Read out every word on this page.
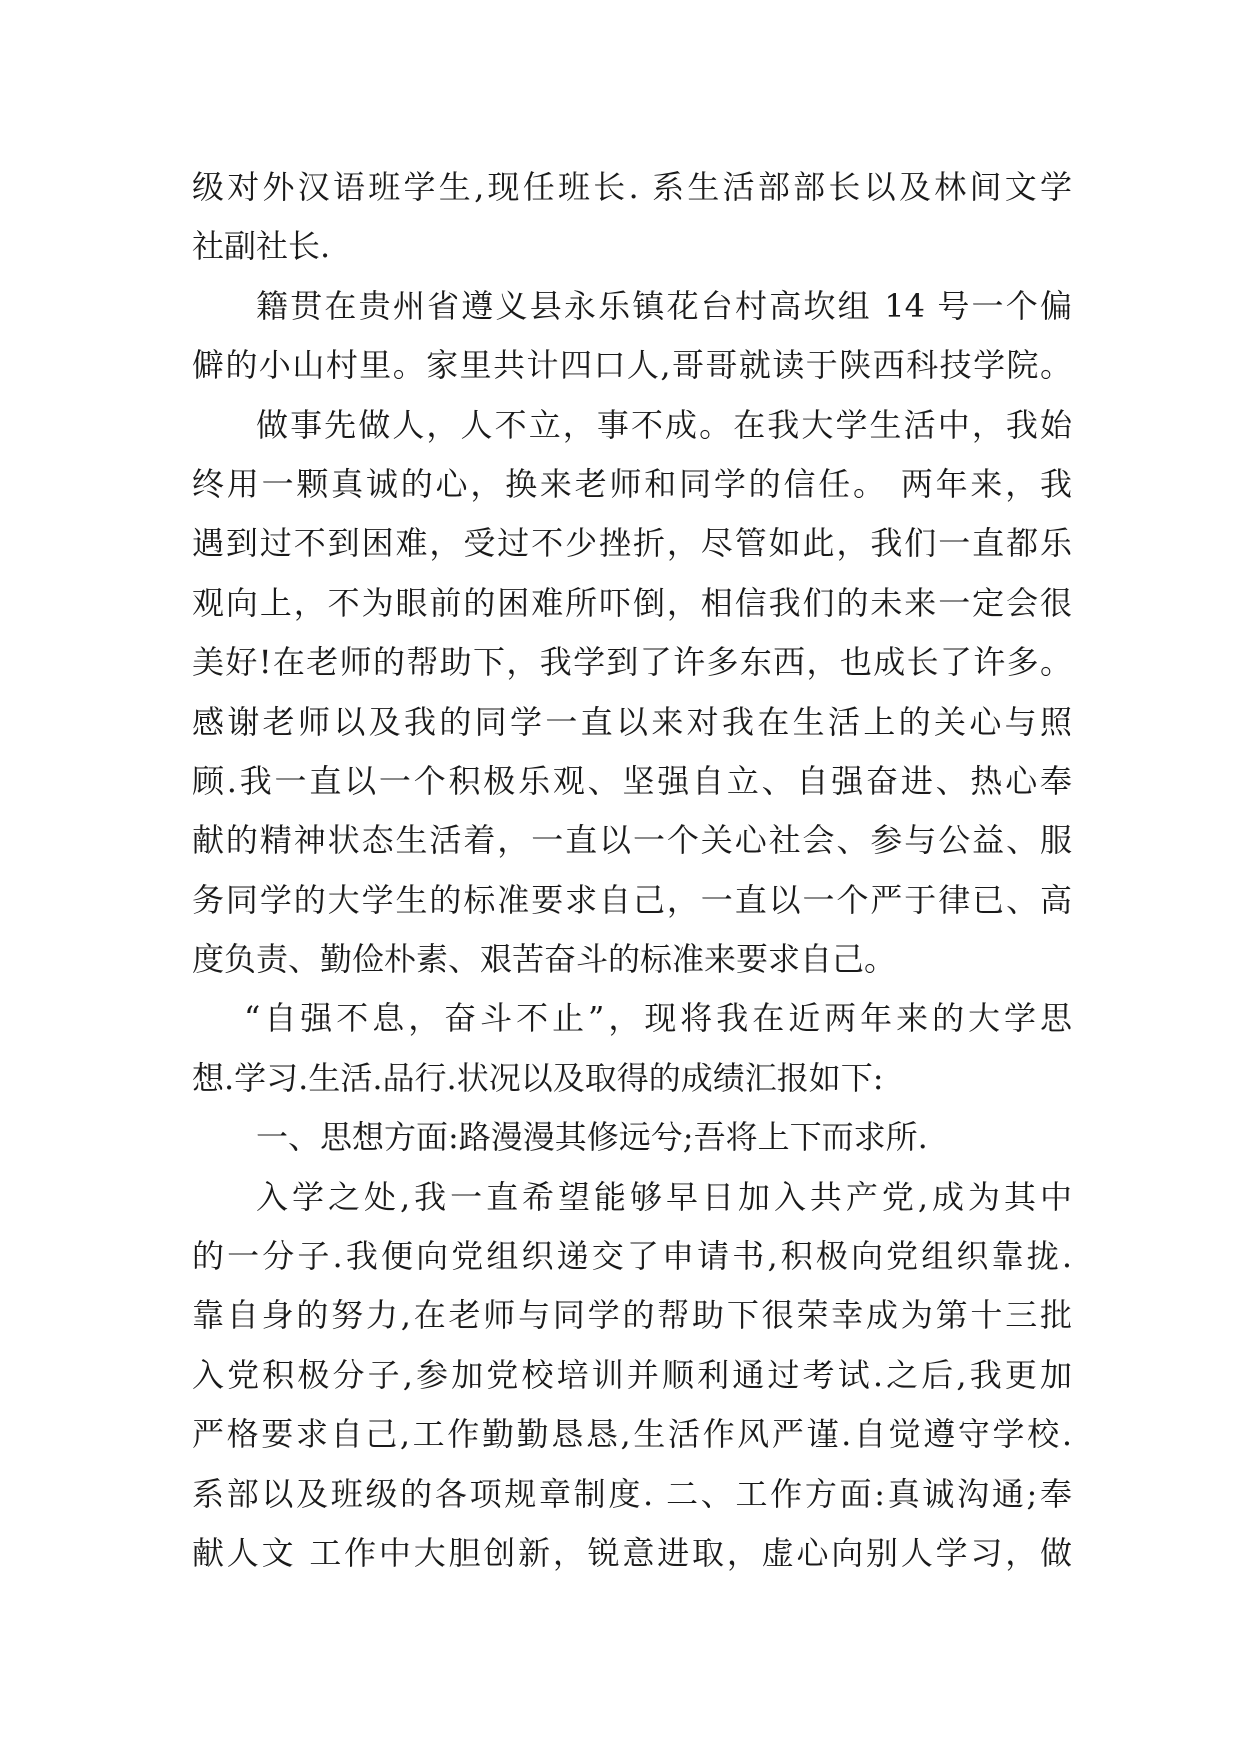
级对外汉语班学生,现任班长. 系生活部部长以及林间文学
社副社长.
籍贯在贵州省遵义县永乐镇花台村高坎组 14 号一个偏
僻的小山村里。家里共计四口人,哥哥就读于陕西科技学院。
做事先做人，人不立，事不成。在我大学生活中，我始
终用一颗真诚的心，换来老师和同学的信任。 两年来，我
遇到过不到困难，受过不少挫折，尽管如此，我们一直都乐
观向上，不为眼前的困难所吓倒，相信我们的未来一定会很
美好!在老师的帮助下，我学到了许多东西，也成长了许多。
感谢老师以及我的同学一直以来对我在生活上的关心与照
顾.我一直以一个积极乐观、坚强自立、自强奋进、热心奉
献的精神状态生活着，一直以一个关心社会、参与公益、服
务同学的大学生的标准要求自己，一直以一个严于律已、高
度负责、勤俭朴素、艰苦奋斗的标准来要求自己。
“自强不息，奋斗不止”，现将我在近两年来的大学思
想.学习.生活.品行.状况以及取得的成绩汇报如下:
一、思想方面:路漫漫其修远兮;吾将上下而求所.
入学之处,我一直希望能够早日加入共产党,成为其中
的一分子.我便向党组织递交了申请书,积极向党组织靠拢.
靠自身的努力,在老师与同学的帮助下很荣幸成为第十三批
入党积极分子,参加党校培训并顺利通过考试.之后,我更加
严格要求自己,工作勤勤恳恳,生活作风严谨.自觉遵守学校.
系部以及班级的各项规章制度. 二、工作方面:真诚沟通;奉
献人文 工作中大胆创新，锐意进取，虚心向别人学习，做
